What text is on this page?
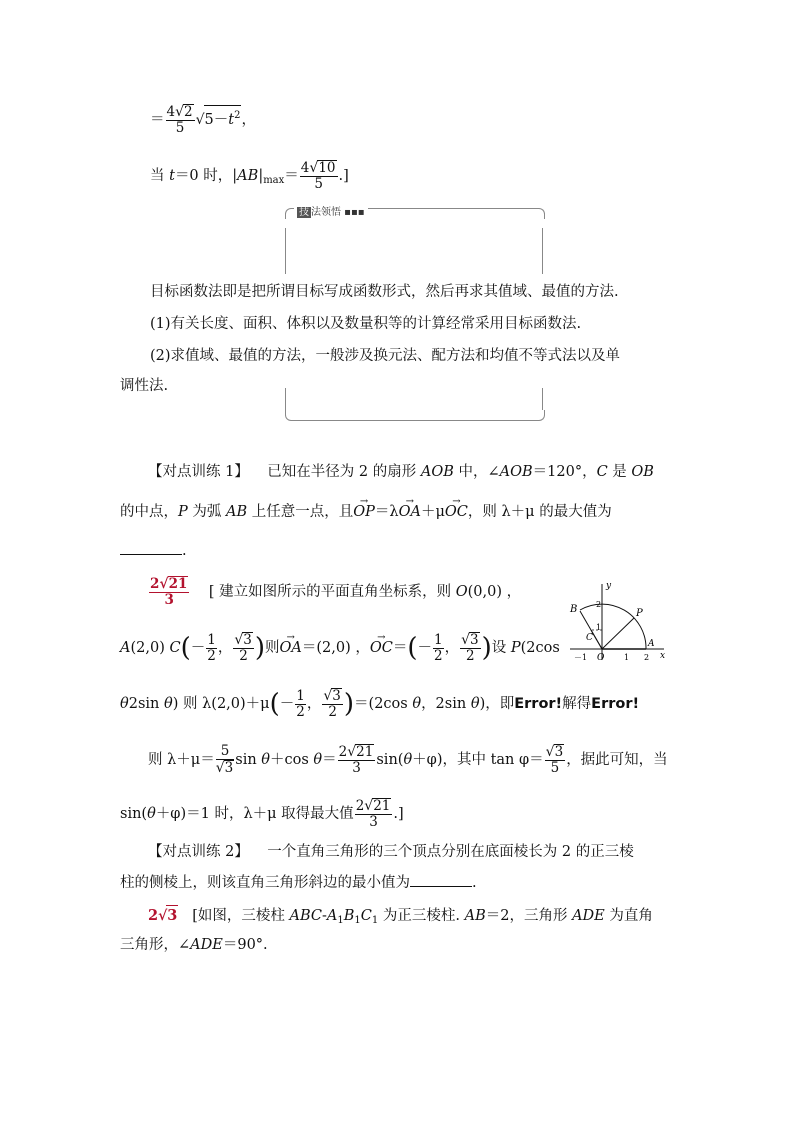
＝ $\frac{4√2}{5} √5-t^2$，
当 t＝0 时，$|AB|_{max}= \frac{4√10}{5}$ .]
技 法领悟 ▪▪▪
目标函数法即是把所谓目标写成函数形式，然后再求其值域、最值的方法.
(1)有关长度、面积、体积以及数量积等的计算经常采用目标函数法.
(2)求值域、最值的方法，一般涉及换元法、配方法和均值不等式法以及单
调性法.
【对点训练 1】 已知在半径为 2 的扇形 AOB 中，∠AOB＝120°，C 是 OB
的中点，P 为弧 AB 上任意一点，且→ OP＝λ→ OA＋μ→ OC，则 λ＋μ 的最大值为
.
$\frac{2√21}{3}$ [ 建立如图所示的平面直角坐标系，则 O(0,0) ，
A(2,0) $C(- \frac{1}{2}$ ， $\frac{√3}{2}$ )则→ OA＝(2,0) ，→ $OC=(- \frac{1}{2}$ ， $\frac{√3}{2}$ )设 P(2cos
θ2sin θ) 则 $\lambda(2,0)+\mu(- \frac{1}{2}$ ， $\frac{√3}{2} )=(2\cos$ θ，2sin θ)，即Error!解得Error!
则 $\lambda+\mu= \frac{5}{√3}$ sin θ＋cos $\theta= \frac{2√21}{3} \sin(\theta+\varphi)$，其中 $\tan \varphi= \frac{√3}{5}$ ，据此可知，当
sin(θ＋φ)＝1 时，λ＋μ 取得最大值 $\frac{2√21}{3}$ .]
y
x
B	P
C
A
O
2
1
－1	1 2
【对点训练 2】 一个直角三角形的三个顶点分别在底面棱长为 2 的正三棱
柱的侧棱上，则该直角三角形斜边的最小值为	.
2√3 [如图，三棱柱 ABC-$A_1B_1C_1$ 为正三棱柱. AB＝2，三角形 ADE 为直角
三角形，∠ADE＝90°.
